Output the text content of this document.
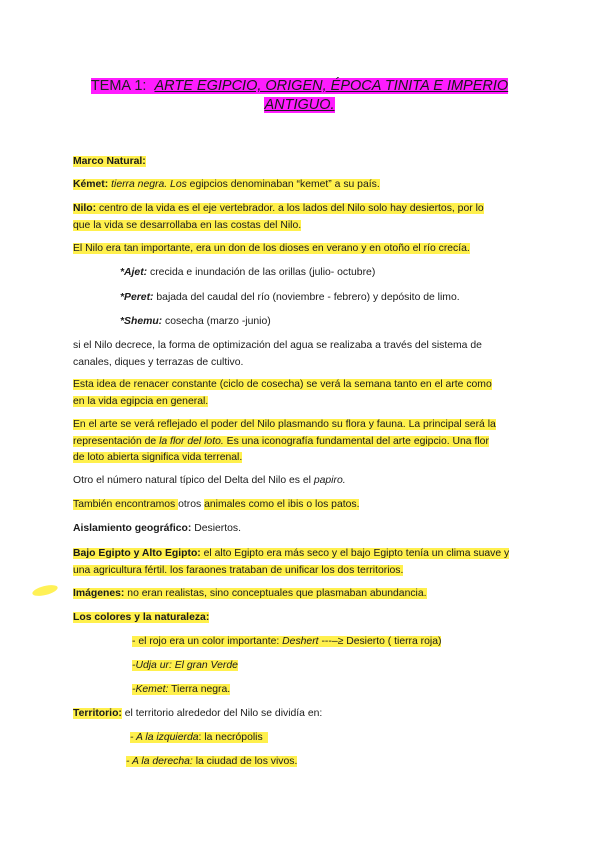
TEMA 1: ARTE EGIPCIO, ORIGEN, ÉPOCA TINITA E IMPERIO
ANTIGUO.
Marco Natural:
Kémet: tierra negra. Los egipcios denominaban “kemet” a su país.
Nilo: centro de la vida es el eje vertebrador. a los lados del Nilo solo hay desiertos, por lo
que la vida se desarrollaba en las costas del Nilo.
El Nilo era tan importante, era un don de los dioses en verano y en otoño el río crecía.
*Ajet: crecida e inundación de las orillas (julio- octubre)
*Peret: bajada del caudal del río (noviembre - febrero) y depósito de limo.
*Shemu: cosecha (marzo -junio)
si el Nilo decrece, la forma de optimización del agua se realizaba a través del sistema de
canales, diques y terrazas de cultivo.
Esta idea de renacer constante (ciclo de cosecha) se verá la semana tanto en el arte como
en la vida egipcia en general.
En el arte se verá reflejado el poder del Nilo plasmando su flora y fauna. La principal será la
representación de la flor del loto. Es una iconografía fundamental del arte egipcio. Una flor
de loto abierta significa vida terrenal.
Otro el número natural típico del Delta del Nilo es el papiro.
También encontramos otros animales como el ibis o los patos.
Aislamiento geográfico: Desiertos.
Bajo Egipto y Alto Egipto: el alto Egipto era más seco y el bajo Egipto tenía un clima suave y
una agricultura fértil. los faraones trataban de unificar los dos territorios.
Imágenes: no eran realistas, sino conceptuales que plasmaban abundancia.
Los colores y la naturaleza:
- el rojo era un color importante: Deshert ---–≥ Desierto ( tierra roja)
-Udja ur: El gran Verde
-Kemet: Tierra negra.
Territorio: el territorio alrededor del Nilo se dividía en:
- A la izquierda: la necrópolis
- A la derecha: la ciudad de los vivos.
